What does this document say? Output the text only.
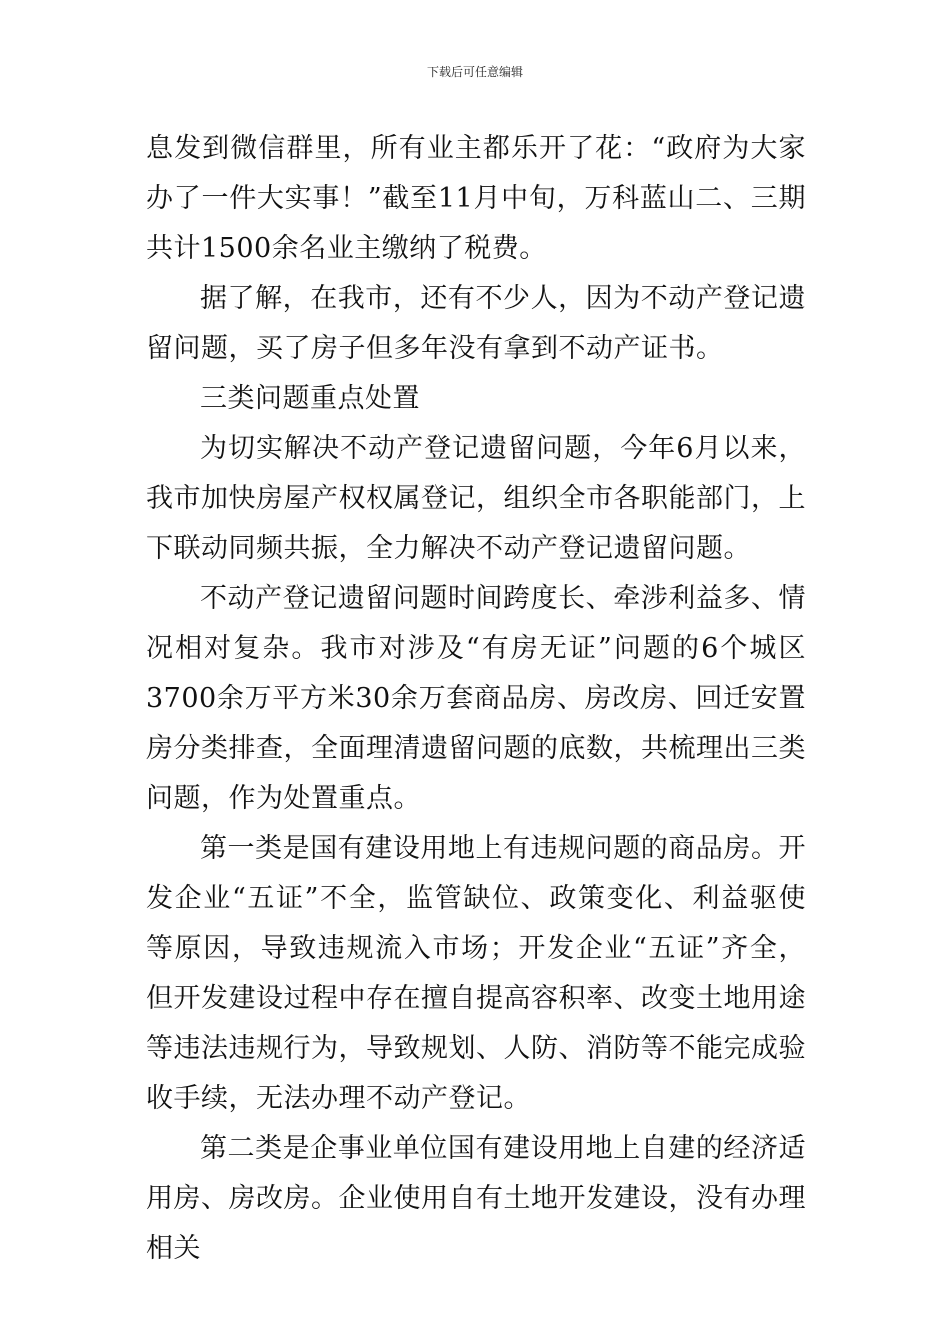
下载后可任意编辑

息发到微信群里，所有业主都乐开了花：“政府为大家办了一件大实事！”截至11月中旬，万科蓝山二、三期共计1500余名业主缴纳了税费。

据了解，在我市，还有不少人，因为不动产登记遗留问题，买了房子但多年没有拿到不动产证书。

三类问题重点处置

为切实解决不动产登记遗留问题，今年6月以来，我市加快房屋产权权属登记，组织全市各职能部门，上下联动同频共振，全力解决不动产登记遗留问题。

不动产登记遗留问题时间跨度长、牵涉利益多、情况相对复杂。我市对涉及“有房无证”问题的6个城区3700余万平方米30余万套商品房、房改房、回迁安置房分类排查，全面理清遗留问题的底数，共梳理出三类问题，作为处置重点。

第一类是国有建设用地上有违规问题的商品房。开发企业“五证”不全，监管缺位、政策变化、利益驱使等原因，导致违规流入市场；开发企业“五证”齐全，但开发建设过程中存在擅自提高容积率、改变土地用途等违法违规行为，导致规划、人防、消防等不能完成验收手续，无法办理不动产登记。

第二类是企事业单位国有建设用地上自建的经济适用房、房改房。企业使用自有土地开发建设，没有办理相关
